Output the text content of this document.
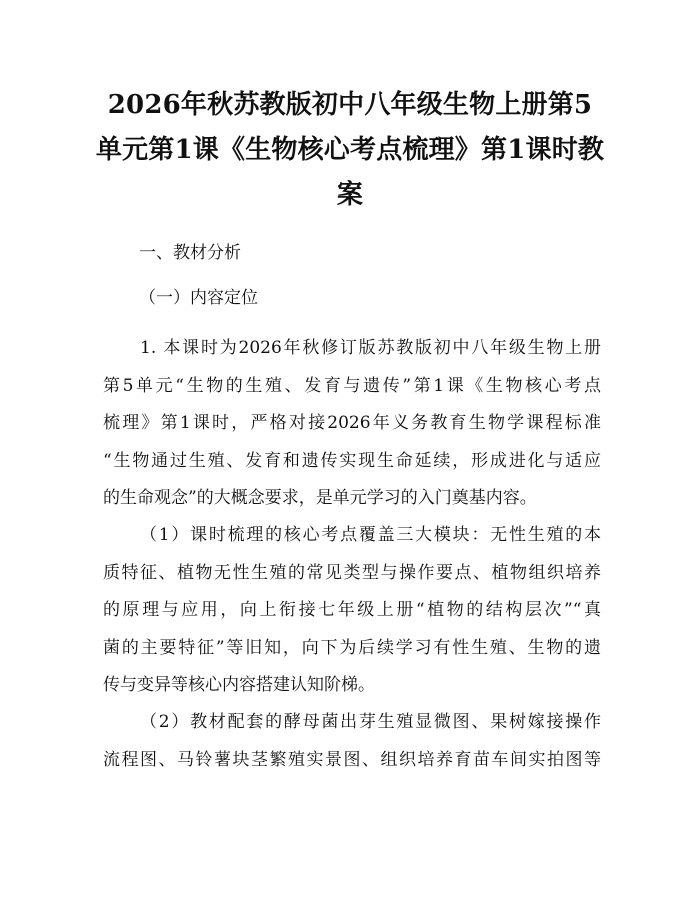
2026年秋苏教版初中八年级生物上册第5单元第1课《生物核心考点梳理》第1课时教案
一、教材分析
（一）内容定位
1. 本课时为2026年秋修订版苏教版初中八年级生物上册
第5单元“生物的生殖、发育与遗传”第1课《生物核心考点
梳理》第1课时，严格对接2026年义务教育生物学课程标准
“生物通过生殖、发育和遗传实现生命延续，形成进化与适应
的生命观念”的大概念要求，是单元学习的入门奠基内容。
（1）课时梳理的核心考点覆盖三大模块：无性生殖的本
质特征、植物无性生殖的常见类型与操作要点、植物组织培养
的原理与应用，向上衔接七年级上册“植物的结构层次”“真
菌的主要特征”等旧知，向下为后续学习有性生殖、生物的遗
传与变异等核心内容搭建认知阶梯。
（2）教材配套的酵母菌出芽生殖显微图、果树嫁接操作
流程图、马铃薯块茎繁殖实景图、组织培养育苗车间实拍图等
